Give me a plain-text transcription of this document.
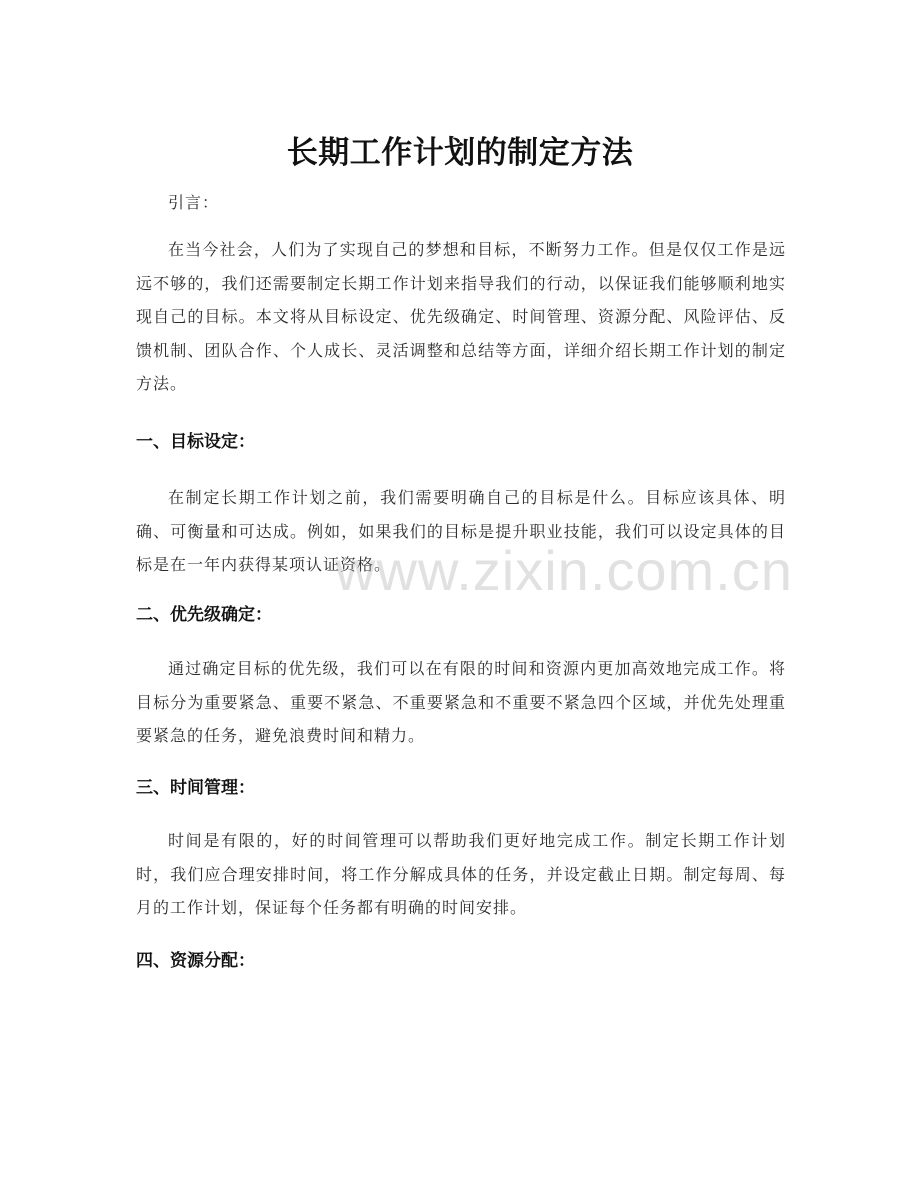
长期工作计划的制定方法

引言：

在当今社会，人们为了实现自己的梦想和目标，不断努力工作。但是仅仅工作是远远不够的，我们还需要制定长期工作计划来指导我们的行动，以保证我们能够顺利地实现自己的目标。本文将从目标设定、优先级确定、时间管理、资源分配、风险评估、反馈机制、团队合作、个人成长、灵活调整和总结等方面，详细介绍长期工作计划的制定方法。

一、目标设定：

在制定长期工作计划之前，我们需要明确自己的目标是什么。目标应该具体、明确、可衡量和可达成。例如，如果我们的目标是提升职业技能，我们可以设定具体的目标是在一年内获得某项认证资格。

二、优先级确定：

通过确定目标的优先级，我们可以在有限的时间和资源内更加高效地完成工作。将目标分为重要紧急、重要不紧急、不重要紧急和不重要不紧急四个区域，并优先处理重要紧急的任务，避免浪费时间和精力。

三、时间管理：

时间是有限的，好的时间管理可以帮助我们更好地完成工作。制定长期工作计划时，我们应合理安排时间，将工作分解成具体的任务，并设定截止日期。制定每周、每月的工作计划，保证每个任务都有明确的时间安排。

四、资源分配：
www.zixin.com.cn
